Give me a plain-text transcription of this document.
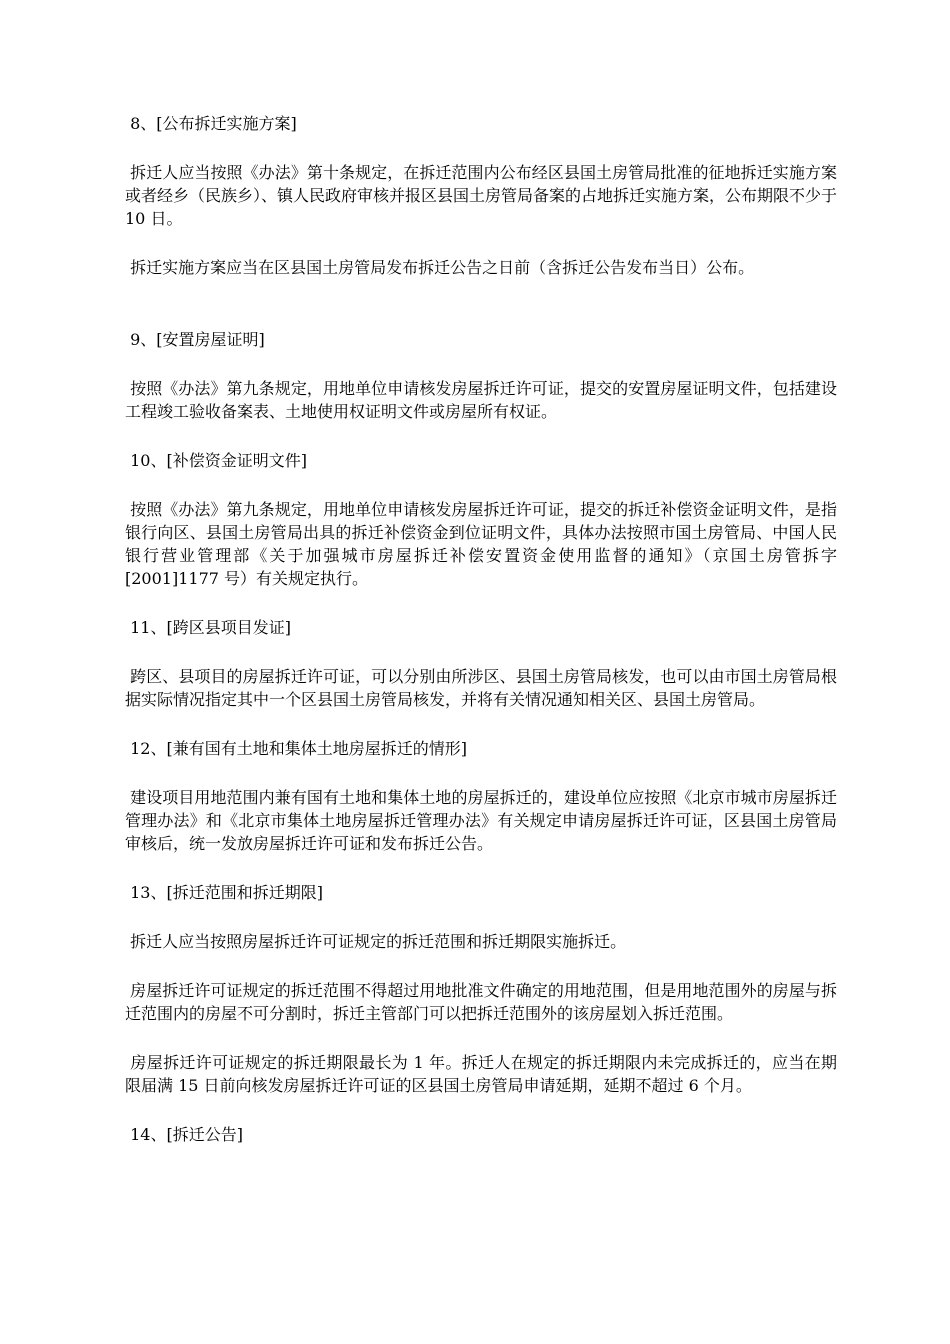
8、[公布拆迁实施方案]

拆迁人应当按照《办法》第十条规定，在拆迁范围内公布经区县国土房管局批准的征地拆迁实施方案或者经乡（民族乡）、镇人民政府审核并报区县国土房管局备案的占地拆迁实施方案，公布期限不少于 10 日。

拆迁实施方案应当在区县国土房管局发布拆迁公告之日前（含拆迁公告发布当日）公布。

9、[安置房屋证明]

按照《办法》第九条规定，用地单位申请核发房屋拆迁许可证，提交的安置房屋证明文件，包括建设工程竣工验收备案表、土地使用权证明文件或房屋所有权证。

10、[补偿资金证明文件]

按照《办法》第九条规定，用地单位申请核发房屋拆迁许可证，提交的拆迁补偿资金证明文件，是指银行向区、县国土房管局出具的拆迁补偿资金到位证明文件，具体办法按照市国土房管局、中国人民银行营业管理部《关于加强城市房屋拆迁补偿安置资金使用监督的通知》（京国土房管拆字[2001]1177 号）有关规定执行。

11、[跨区县项目发证]

跨区、县项目的房屋拆迁许可证，可以分别由所涉区、县国土房管局核发，也可以由市国土房管局根据实际情况指定其中一个区县国土房管局核发，并将有关情况通知相关区、县国土房管局。

12、[兼有国有土地和集体土地房屋拆迁的情形]

建设项目用地范围内兼有国有土地和集体土地的房屋拆迁的，建设单位应按照《北京市城市房屋拆迁管理办法》和《北京市集体土地房屋拆迁管理办法》有关规定申请房屋拆迁许可证，区县国土房管局审核后，统一发放房屋拆迁许可证和发布拆迁公告。

13、[拆迁范围和拆迁期限]

拆迁人应当按照房屋拆迁许可证规定的拆迁范围和拆迁期限实施拆迁。

房屋拆迁许可证规定的拆迁范围不得超过用地批准文件确定的用地范围，但是用地范围外的房屋与拆迁范围内的房屋不可分割时，拆迁主管部门可以把拆迁范围外的该房屋划入拆迁范围。

房屋拆迁许可证规定的拆迁期限最长为 1 年。拆迁人在规定的拆迁期限内未完成拆迁的，应当在期限届满 15 日前向核发房屋拆迁许可证的区县国土房管局申请延期，延期不超过 6 个月。

14、[拆迁公告]
